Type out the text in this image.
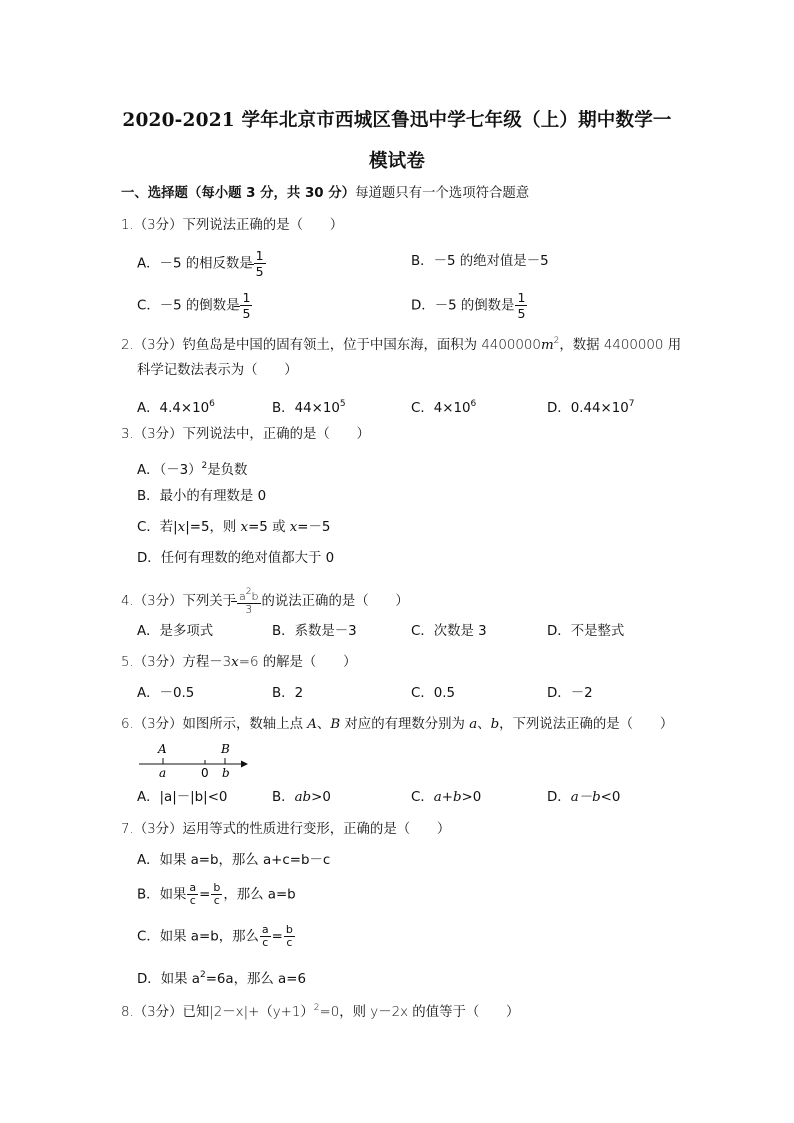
2020-2021 学年北京市西城区鲁迅中学七年级（上）期中数学一
模试卷
一、选择题（每小题 3 分，共 30 分）每道题只有一个选项符合题意
1.（3分）下列说法正确的是（　　）
A．－5 的相反数是 $\frac{1}{5}$	B．－5 的绝对值是－5
C．－5 的倒数是 $\frac{1}{5}$	D．－5 的倒数是 $\frac{1}{5}$
2.（3分）钓鱼岛是中国的固有领土，位于中国东海，面积为 $4400000m^2$，数据 4400000 用
科学记数法表示为（　　）
A．$4.4\times 10^6$	B．$44\times 10^5$	C．$4\times 10^6$	D．$0.44\times 10^7$
3.（3分）下列说法中，正确的是（　　）
A．$(-3)^2$是负数
B．最小的有理数是 0
C．若|x|=5，则 x=5 或 x=－5
D．任何有理数的绝对值都大于 0
4.（3分）下列关于 $\frac{a^2b}{3}$ 的说法正确的是（　　）
A．是多项式	B．系数是－3	C．次数是 3	D．不是整式
5.（3分）方程－3x=6 的解是（　　）
A．－0.5	B．2	C．0.5	D．－2
6.（3分）如图所示，数轴上点 A、B 对应的有理数分别为 a、b，下列说法正确的是（　　）
A	B
a	0 b
A．|a|－|b|<0	B．ab>0	C．a+b>0	D．a－b<0
7.（3分）运用等式的性质进行变形，正确的是（　　）
A．如果 a=b，那么 a+c=b－c
B．如果 $\frac{a}{c} = \frac{b}{c}$ ，那么 a=b
C．如果 a=b，那么 $\frac{a}{c} = \frac{b}{c}$
D．如果 $a^2=6a$，那么 a=6
8.（3分）已知$|2-x|+(y+1)^2=0$，则 y－2x 的值等于（　　）
